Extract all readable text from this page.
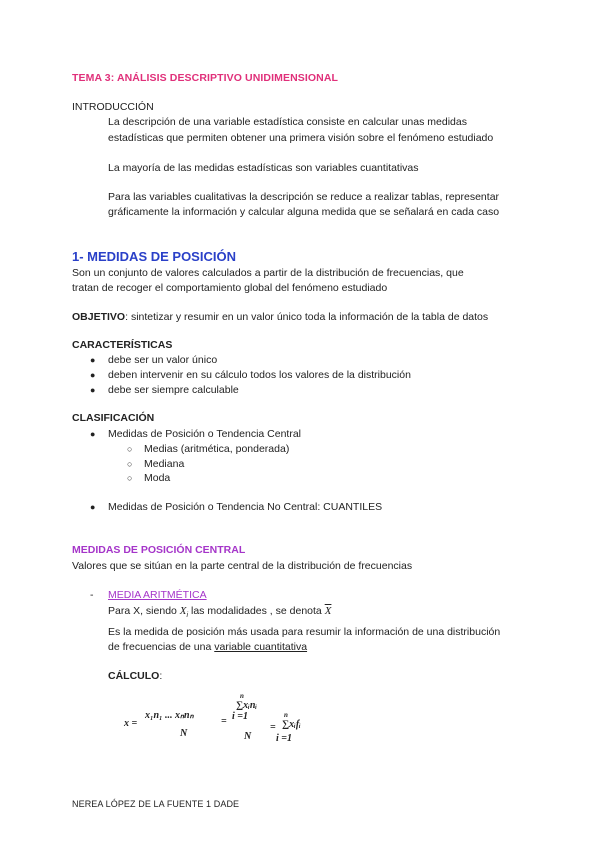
TEMA 3: ANÁLISIS DESCRIPTIVO UNIDIMENSIONAL
INTRODUCCIÓN
La descripción de una variable estadística consiste en calcular unas medidas
estadísticas que permiten obtener una primera visión sobre el fenómeno estudiado
La mayoría de las medidas estadísticas son variables cuantitativas
Para las variables cualitativas la descripción se reduce a realizar tablas, representar
gráficamente la información y calcular alguna medida que se señalará en cada caso
1- MEDIDAS DE POSICIÓN
Son un conjunto de valores calculados a partir de la distribución de frecuencias, que
tratan de recoger el comportamiento global del fenómeno estudiado
OBJETIVO: sintetizar y resumir en un valor único toda la información de la tabla de datos
CARACTERÍSTICAS
● debe ser un valor único
● deben intervenir en su cálculo todos los valores de la distribución
● debe ser siempre calculable
CLASIFICACIÓN
● Medidas de Posición o Tendencia Central
○ Medias (aritmética, ponderada)
○ Mediana
○ Moda
● Medidas de Posición o Tendencia No Central: CUANTILES
MEDIDAS DE POSICIÓN CENTRAL
Valores que se sitúan en la parte central de la distribución de frecuencias
- MEDIA ARITMÉTICA
Para X, siendo $X_i$ las modalidades , se denota $\overline{X}$
Es la medida de posición más usada para resumir la información de una distribución
de frecuencias de una variable cuantitativa
CÁLCULO:
x =
x₁n₁ ... xₙnₙ
N
=
n
∑xᵢnᵢ
i =1
N
=
n
∑xᵢfᵢ
i =1
NEREA LÓPEZ DE LA FUENTE 1 DADE
